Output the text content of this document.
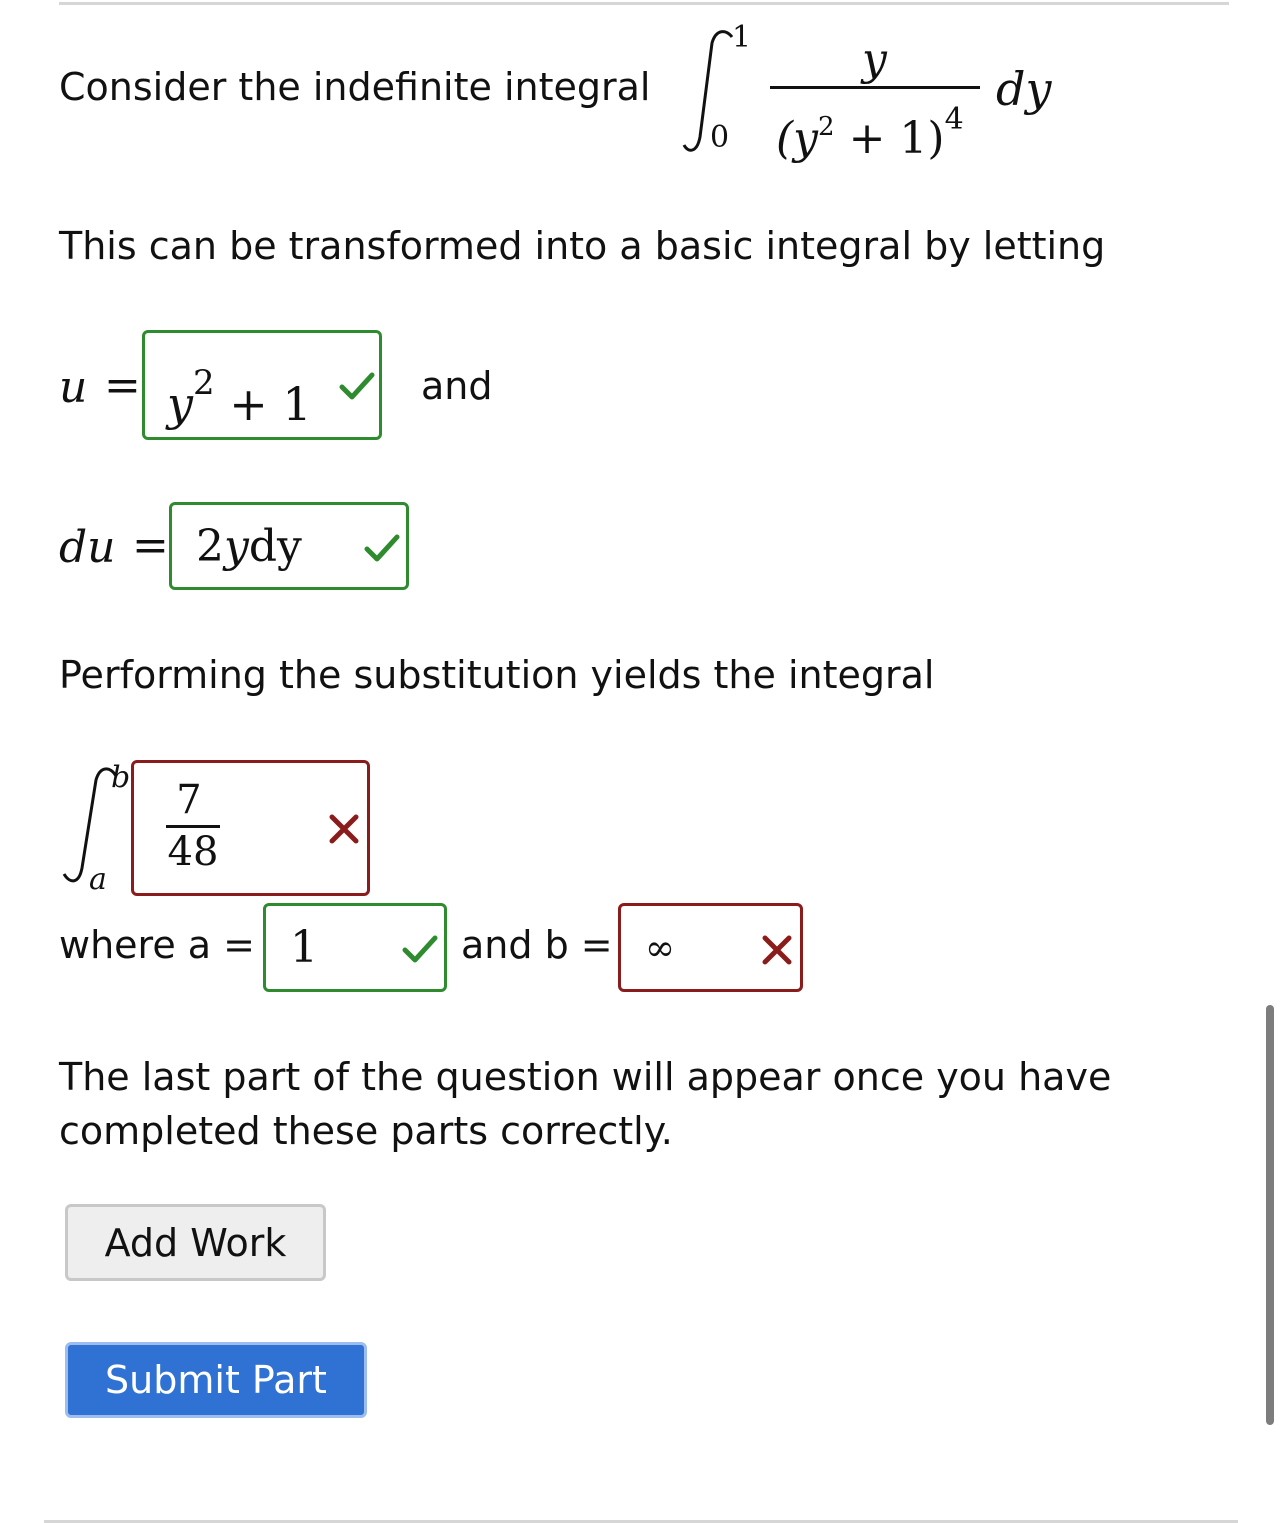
Consider the indefinite integral
1
0
y
$(y^2 + 1)^4$
dy
This can be transformed into a basic integral by letting
$u = y^2 + 1$	and
du = 2ydy
Performing the substitution yields the integral
b
a
7
48
where a = 1	and b = ∞
The last part of the question will appear once you have
completed these parts correctly.
Add Work
Submit Part
